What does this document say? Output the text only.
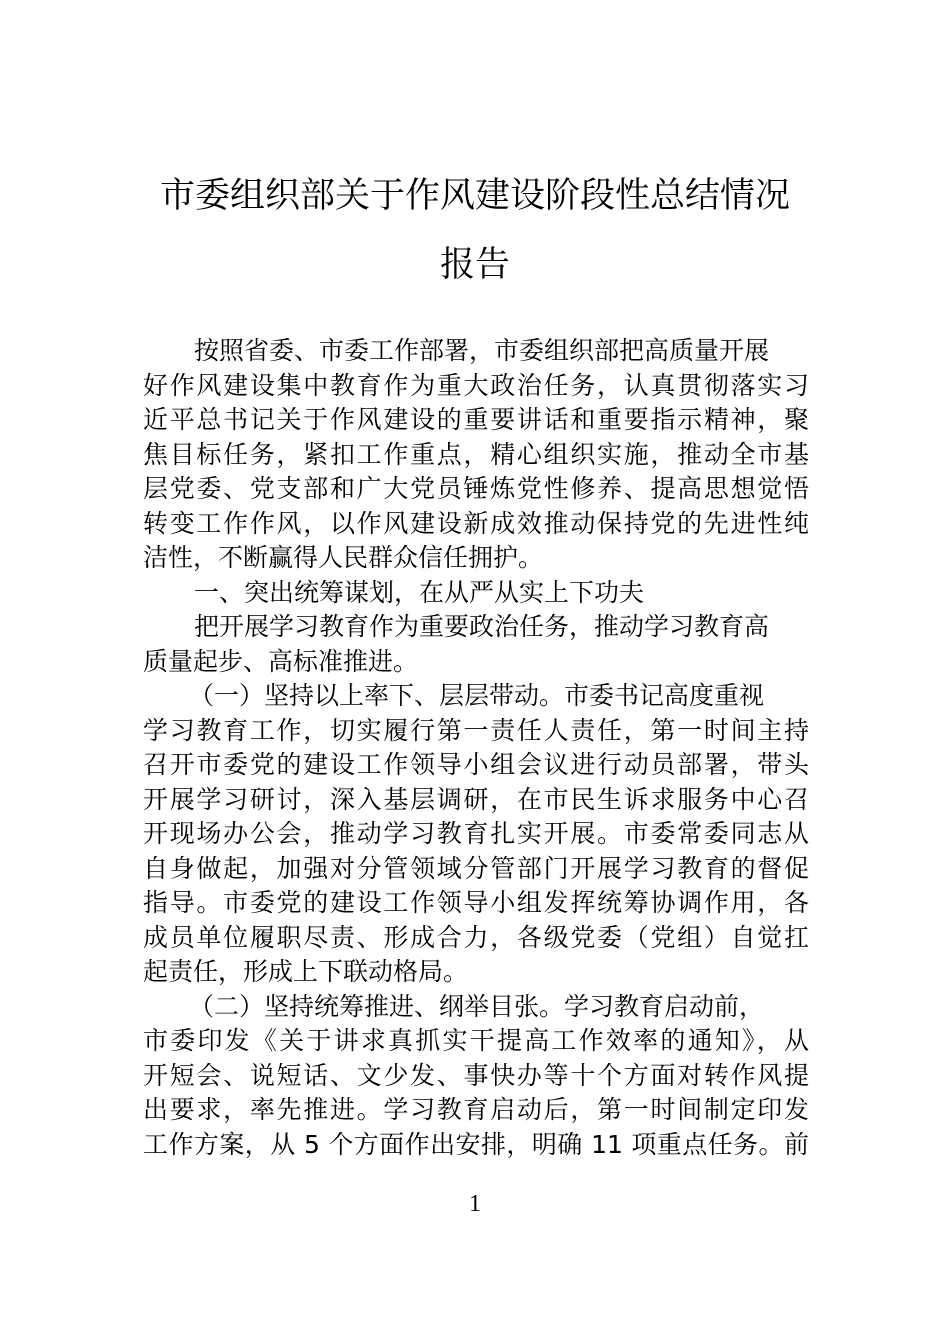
市委组织部关于作风建设阶段性总结情况
报告
按照省委、市委工作部署，市委组织部把高质量开展
好作风建设集中教育作为重大政治任务，认真贯彻落实习
近平总书记关于作风建设的重要讲话和重要指示精神，聚
焦目标任务，紧扣工作重点，精心组织实施，推动全市基
层党委、党支部和广大党员锤炼党性修养、提高思想觉悟
转变工作作风，以作风建设新成效推动保持党的先进性纯
洁性，不断赢得人民群众信任拥护。
一、突出统筹谋划，在从严从实上下功夫
把开展学习教育作为重要政治任务，推动学习教育高
质量起步、高标准推进。
（一）坚持以上率下、层层带动。市委书记高度重视
学习教育工作，切实履行第一责任人责任，第一时间主持
召开市委党的建设工作领导小组会议进行动员部署，带头
开展学习研讨，深入基层调研，在市民生诉求服务中心召
开现场办公会，推动学习教育扎实开展。市委常委同志从
自身做起，加强对分管领域分管部门开展学习教育的督促
指导。市委党的建设工作领导小组发挥统筹协调作用，各
成员单位履职尽责、形成合力，各级党委（党组）自觉扛
起责任，形成上下联动格局。
（二）坚持统筹推进、纲举目张。学习教育启动前，
市委印发《关于讲求真抓实干提高工作效率的通知》，从
开短会、说短话、文少发、事快办等十个方面对转作风提
出要求，率先推进。学习教育启动后，第一时间制定印发
工作方案，从 5 个方面作出安排，明确 11 项重点任务。前
1
